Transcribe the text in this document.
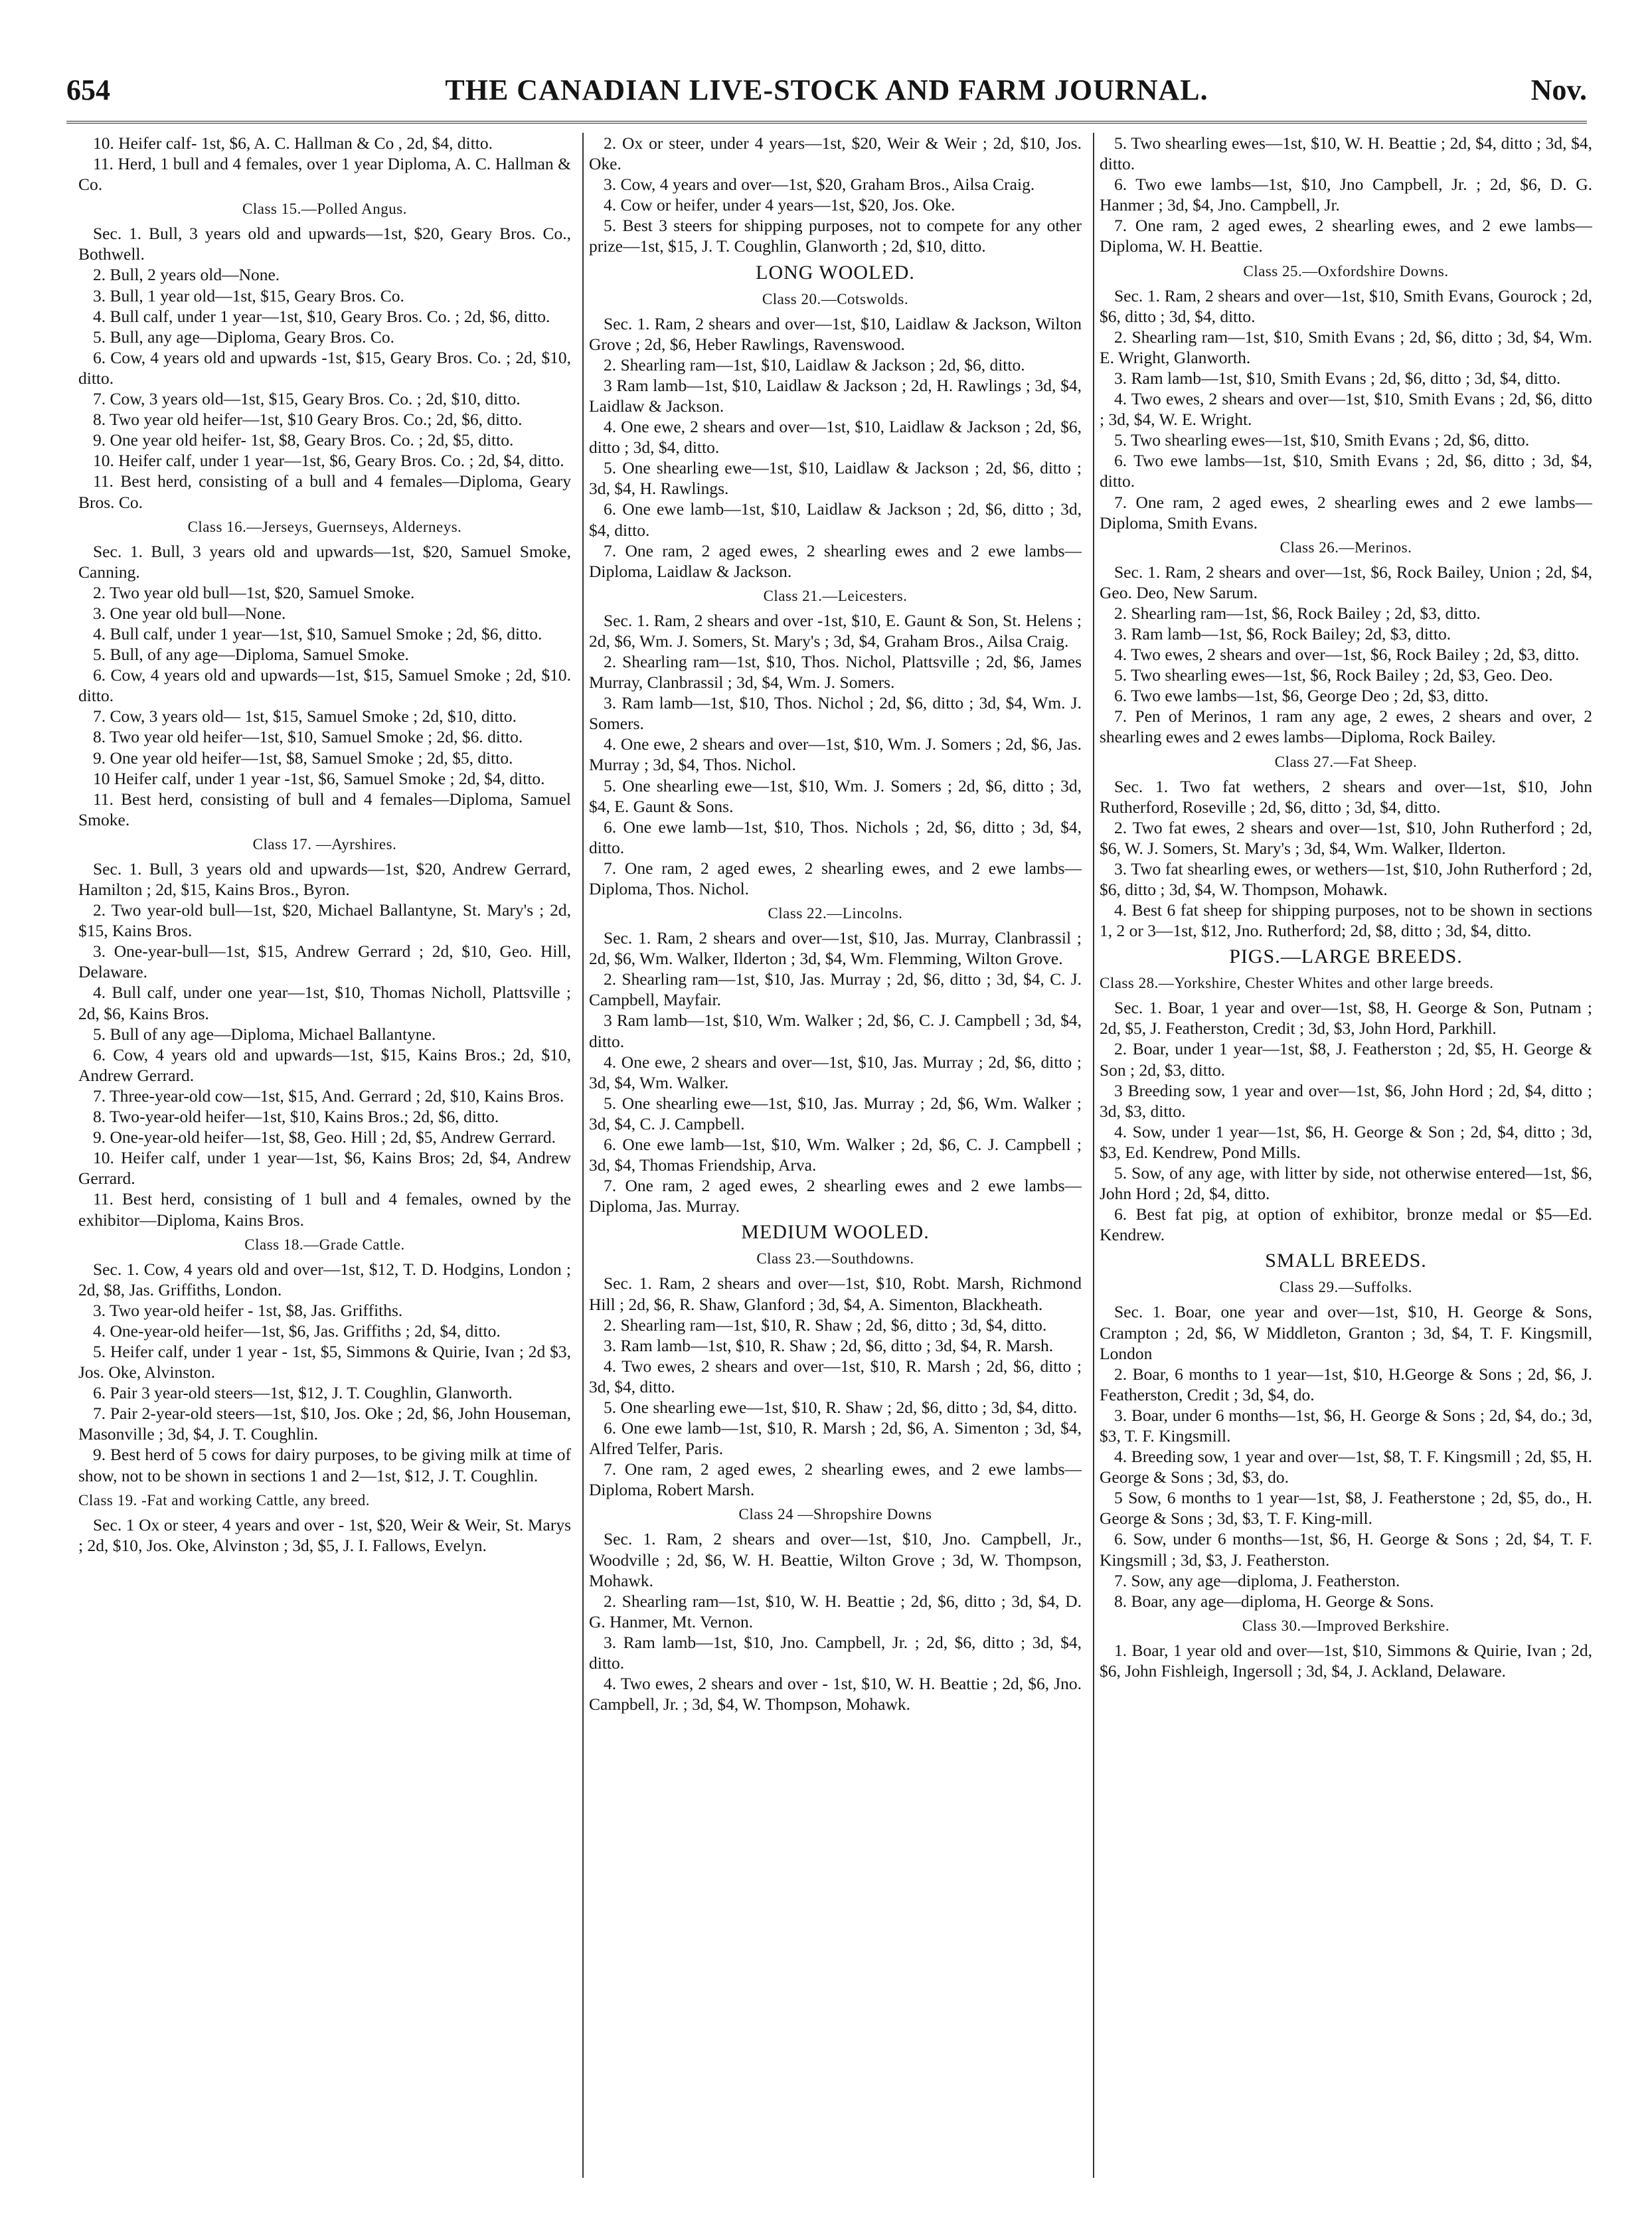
654	THE CANADIAN LIVE-STOCK AND FARM JOURNAL.	Nov.

10. Heifer calf- 1st, $6, A. C. Hallman & Co , 2d, $4, ditto.

11. Herd, 1 bull and 4 females, over 1 year Diploma, A. C. Hallman & Co.

Class 15.—Polled Angus.

Sec. 1. Bull, 3 years old and upwards—1st, $20, Geary Bros. Co., Bothwell.

2. Bull, 2 years old—None.

3. Bull, 1 year old—1st, $15, Geary Bros. Co.

4. Bull calf, under 1 year—1st, $10, Geary Bros. Co. ; 2d, $6, ditto.

5. Bull, any age—Diploma, Geary Bros. Co.

6. Cow, 4 years old and upwards -1st, $15, Geary Bros. Co. ; 2d, $10, ditto.

7. Cow, 3 years old—1st, $15, Geary Bros. Co. ; 2d, $10, ditto.

8. Two year old heifer—1st, $10 Geary Bros. Co.; 2d, $6, ditto.

9. One year old heifer- 1st, $8, Geary Bros. Co. ; 2d, $5, ditto.

10. Heifer calf, under 1 year—1st, $6, Geary Bros. Co. ; 2d, $4, ditto.

11. Best herd, consisting of a bull and 4 females—Diploma, Geary Bros. Co.

Class 16.—Jerseys, Guernseys, Alderneys.

Sec. 1. Bull, 3 years old and upwards—1st, $20, Samuel Smoke, Canning.

2. Two year old bull—1st, $20, Samuel Smoke.

3. One year old bull—None.

4. Bull calf, under 1 year—1st, $10, Samuel Smoke ; 2d, $6, ditto.

5. Bull, of any age—Diploma, Samuel Smoke.

6. Cow, 4 years old and upwards—1st, $15, Samuel Smoke ; 2d, $10. ditto.

7. Cow, 3 years old— 1st, $15, Samuel Smoke ; 2d, $10, ditto.

8. Two year old heifer—1st, $10, Samuel Smoke ; 2d, $6. ditto.

9. One year old heifer—1st, $8, Samuel Smoke ; 2d, $5, ditto.

10 Heifer calf, under 1 year -1st, $6, Samuel Smoke ; 2d, $4, ditto.

11. Best herd, consisting of bull and 4 females—Diploma, Samuel Smoke.

Class 17. —Ayrshires.

Sec. 1. Bull, 3 years old and upwards—1st, $20, Andrew Gerrard, Hamilton ; 2d, $15, Kains Bros., Byron.

2. Two year-old bull—1st, $20, Michael Ballantyne, St. Mary's ; 2d, $15, Kains Bros.

3. One-year-bull—1st, $15, Andrew Gerrard ; 2d, $10, Geo. Hill, Delaware.

4. Bull calf, under one year—1st, $10, Thomas Nicholl, Plattsville ; 2d, $6, Kains Bros.

5. Bull of any age—Diploma, Michael Ballantyne.

6. Cow, 4 years old and upwards—1st, $15, Kains Bros.; 2d, $10, Andrew Gerrard.

7. Three-year-old cow—1st, $15, And. Gerrard ; 2d, $10, Kains Bros.

8. Two-year-old heifer—1st, $10, Kains Bros.; 2d, $6, ditto.

9. One-year-old heifer—1st, $8, Geo. Hill ; 2d, $5, Andrew Gerrard.

10. Heifer calf, under 1 year—1st, $6, Kains Bros; 2d, $4, Andrew Gerrard.

11. Best herd, consisting of 1 bull and 4 females, owned by the exhibitor—Diploma, Kains Bros.

Class 18.—Grade Cattle.

Sec. 1. Cow, 4 years old and over—1st, $12, T. D. Hodgins, London ; 2d, $8, Jas. Griffiths, London.

3. Two year-old heifer - 1st, $8, Jas. Griffiths.

4. One-year-old heifer—1st, $6, Jas. Griffiths ; 2d, $4, ditto.

5. Heifer calf, under 1 year - 1st, $5, Simmons & Quirie, Ivan ; 2d $3, Jos. Oke, Alvinston.

6. Pair 3 year-old steers—1st, $12, J. T. Coughlin, Glanworth.

7. Pair 2-year-old steers—1st, $10, Jos. Oke ; 2d, $6, John Houseman, Masonville ; 3d, $4, J. T. Coughlin.

9. Best herd of 5 cows for dairy purposes, to be giving milk at time of show, not to be shown in sections 1 and 2—1st, $12, J. T. Coughlin.

Class 19. -Fat and working Cattle, any breed.

Sec. 1 Ox or steer, 4 years and over - 1st, $20, Weir & Weir, St. Marys ; 2d, $10, Jos. Oke, Alvinston ; 3d, $5, J. I. Fallows, Evelyn.

2. Ox or steer, under 4 years—1st, $20, Weir & Weir ; 2d, $10, Jos. Oke.

3. Cow, 4 years and over—1st, $20, Graham Bros., Ailsa Craig.

4. Cow or heifer, under 4 years—1st, $20, Jos. Oke.

5. Best 3 steers for shipping purposes, not to compete for any other prize—1st, $15, J. T. Coughlin, Glanworth ; 2d, $10, ditto.

LONG WOOLED.
Class 20.—Cotswolds.

Sec. 1. Ram, 2 shears and over—1st, $10, Laidlaw & Jackson, Wilton Grove ; 2d, $6, Heber Rawlings, Ravenswood.

2. Shearling ram—1st, $10, Laidlaw & Jackson ; 2d, $6, ditto.

3 Ram lamb—1st, $10, Laidlaw & Jackson ; 2d, H. Rawlings ; 3d, $4, Laidlaw & Jackson.

4. One ewe, 2 shears and over—1st, $10, Laidlaw & Jackson ; 2d, $6, ditto ; 3d, $4, ditto.

5. One shearling ewe—1st, $10, Laidlaw & Jackson ; 2d, $6, ditto ; 3d, $4, H. Rawlings.

6. One ewe lamb—1st, $10, Laidlaw & Jackson ; 2d, $6, ditto ; 3d, $4, ditto.

7. One ram, 2 aged ewes, 2 shearling ewes and 2 ewe lambs—Diploma, Laidlaw & Jackson.

Class 21.—Leicesters.

Sec. 1. Ram, 2 shears and over -1st, $10, E. Gaunt & Son, St. Helens ; 2d, $6, Wm. J. Somers, St. Mary's ; 3d, $4, Graham Bros., Ailsa Craig.

2. Shearling ram—1st, $10, Thos. Nichol, Plattsville ; 2d, $6, James Murray, Clanbrassil ; 3d, $4, Wm. J. Somers.

3. Ram lamb—1st, $10, Thos. Nichol ; 2d, $6, ditto ; 3d, $4, Wm. J. Somers.

4. One ewe, 2 shears and over—1st, $10, Wm. J. Somers ; 2d, $6, Jas. Murray ; 3d, $4, Thos. Nichol.

5. One shearling ewe—1st, $10, Wm. J. Somers ; 2d, $6, ditto ; 3d, $4, E. Gaunt & Sons.

6. One ewe lamb—1st, $10, Thos. Nichols ; 2d, $6, ditto ; 3d, $4, ditto.

7. One ram, 2 aged ewes, 2 shearling ewes, and 2 ewe lambs—Diploma, Thos. Nichol.

Class 22.—Lincolns.

Sec. 1. Ram, 2 shears and over—1st, $10, Jas. Murray, Clanbrassil ; 2d, $6, Wm. Walker, Ilderton ; 3d, $4, Wm. Flemming, Wilton Grove.

2. Shearling ram—1st, $10, Jas. Murray ; 2d, $6, ditto ; 3d, $4, C. J. Campbell, Mayfair.

3 Ram lamb—1st, $10, Wm. Walker ; 2d, $6, C. J. Campbell ; 3d, $4, ditto.

4. One ewe, 2 shears and over—1st, $10, Jas. Murray ; 2d, $6, ditto ; 3d, $4, Wm. Walker.

5. One shearling ewe—1st, $10, Jas. Murray ; 2d, $6, Wm. Walker ; 3d, $4, C. J. Campbell.

6. One ewe lamb—1st, $10, Wm. Walker ; 2d, $6, C. J. Campbell ; 3d, $4, Thomas Friendship, Arva.

7. One ram, 2 aged ewes, 2 shearling ewes and 2 ewe lambs—Diploma, Jas. Murray.

MEDIUM WOOLED.
Class 23.—Southdowns.

Sec. 1. Ram, 2 shears and over—1st, $10, Robt. Marsh, Richmond Hill ; 2d, $6, R. Shaw, Glanford ; 3d, $4, A. Simenton, Blackheath.

2. Shearling ram—1st, $10, R. Shaw ; 2d, $6, ditto ; 3d, $4, ditto.

3. Ram lamb—1st, $10, R. Shaw ; 2d, $6, ditto ; 3d, $4, R. Marsh.

4. Two ewes, 2 shears and over—1st, $10, R. Marsh ; 2d, $6, ditto ; 3d, $4, ditto.

5. One shearling ewe—1st, $10, R. Shaw ; 2d, $6, ditto ; 3d, $4, ditto.

6. One ewe lamb—1st, $10, R. Marsh ; 2d, $6, A. Simenton ; 3d, $4, Alfred Telfer, Paris.

7. One ram, 2 aged ewes, 2 shearling ewes, and 2 ewe lambs—Diploma, Robert Marsh.

Class 24 —Shropshire Downs

Sec. 1. Ram, 2 shears and over—1st, $10, Jno. Campbell, Jr., Woodville ; 2d, $6, W. H. Beattie, Wilton Grove ; 3d, W. Thompson, Mohawk.

2. Shearling ram—1st, $10, W. H. Beattie ; 2d, $6, ditto ; 3d, $4, D. G. Hanmer, Mt. Vernon.

3. Ram lamb—1st, $10, Jno. Campbell, Jr. ; 2d, $6, ditto ; 3d, $4, ditto.

4. Two ewes, 2 shears and over - 1st, $10, W. H. Beattie ; 2d, $6, Jno. Campbell, Jr. ; 3d, $4, W. Thompson, Mohawk.

5. Two shearling ewes—1st, $10, W. H. Beattie ; 2d, $4, ditto ; 3d, $4, ditto.

6. Two ewe lambs—1st, $10, Jno Campbell, Jr. ; 2d, $6, D. G. Hanmer ; 3d, $4, Jno. Campbell, Jr.

7. One ram, 2 aged ewes, 2 shearling ewes, and 2 ewe lambs—Diploma, W. H. Beattie.

Class 25.—Oxfordshire Downs.

Sec. 1. Ram, 2 shears and over—1st, $10, Smith Evans, Gourock ; 2d, $6, ditto ; 3d, $4, ditto.

2. Shearling ram—1st, $10, Smith Evans ; 2d, $6, ditto ; 3d, $4, Wm. E. Wright, Glanworth.

3. Ram lamb—1st, $10, Smith Evans ; 2d, $6, ditto ; 3d, $4, ditto.

4. Two ewes, 2 shears and over—1st, $10, Smith Evans ; 2d, $6, ditto ; 3d, $4, W. E. Wright.

5. Two shearling ewes—1st, $10, Smith Evans ; 2d, $6, ditto.

6. Two ewe lambs—1st, $10, Smith Evans ; 2d, $6, ditto ; 3d, $4, ditto.

7. One ram, 2 aged ewes, 2 shearling ewes and 2 ewe lambs—Diploma, Smith Evans.

Class 26.—Merinos.

Sec. 1. Ram, 2 shears and over—1st, $6, Rock Bailey, Union ; 2d, $4, Geo. Deo, New Sarum.

2. Shearling ram—1st, $6, Rock Bailey ; 2d, $3, ditto.

3. Ram lamb—1st, $6, Rock Bailey; 2d, $3, ditto.

4. Two ewes, 2 shears and over—1st, $6, Rock Bailey ; 2d, $3, ditto.

5. Two shearling ewes—1st, $6, Rock Bailey ; 2d, $3, Geo. Deo.

6. Two ewe lambs—1st, $6, George Deo ; 2d, $3, ditto.

7. Pen of Merinos, 1 ram any age, 2 ewes, 2 shears and over, 2 shearling ewes and 2 ewes lambs—Diploma, Rock Bailey.

Class 27.—Fat Sheep.

Sec. 1. Two fat wethers, 2 shears and over—1st, $10, John Rutherford, Roseville ; 2d, $6, ditto ; 3d, $4, ditto.

2. Two fat ewes, 2 shears and over—1st, $10, John Rutherford ; 2d, $6, W. J. Somers, St. Mary's ; 3d, $4, Wm. Walker, Ilderton.

3. Two fat shearling ewes, or wethers—1st, $10, John Rutherford ; 2d, $6, ditto ; 3d, $4, W. Thompson, Mohawk.

4. Best 6 fat sheep for shipping purposes, not to be shown in sections 1, 2 or 3—1st, $12, Jno. Rutherford; 2d, $8, ditto ; 3d, $4, ditto.

PIGS.—LARGE BREEDS.
Class 28.—Yorkshire, Chester Whites and other large breeds.

Sec. 1. Boar, 1 year and over—1st, $8, H. George & Son, Putnam ; 2d, $5, J. Featherston, Credit ; 3d, $3, John Hord, Parkhill.

2. Boar, under 1 year—1st, $8, J. Featherston ; 2d, $5, H. George & Son ; 2d, $3, ditto.

3 Breeding sow, 1 year and over—1st, $6, John Hord ; 2d, $4, ditto ; 3d, $3, ditto.

4. Sow, under 1 year—1st, $6, H. George & Son ; 2d, $4, ditto ; 3d, $3, Ed. Kendrew, Pond Mills.

5. Sow, of any age, with litter by side, not otherwise entered—1st, $6, John Hord ; 2d, $4, ditto.

6. Best fat pig, at option of exhibitor, bronze medal or $5—Ed. Kendrew.

SMALL BREEDS.
Class 29.—Suffolks.

Sec. 1. Boar, one year and over—1st, $10, H. George & Sons, Crampton ; 2d, $6, W Middleton, Granton ; 3d, $4, T. F. Kingsmill, London

2. Boar, 6 months to 1 year—1st, $10, H.George & Sons ; 2d, $6, J. Featherston, Credit ; 3d, $4, do.

3. Boar, under 6 months—1st, $6, H. George & Sons ; 2d, $4, do.; 3d, $3, T. F. Kingsmill.

4. Breeding sow, 1 year and over—1st, $8, T. F. Kingsmill ; 2d, $5, H. George & Sons ; 3d, $3, do.

5 Sow, 6 months to 1 year—1st, $8, J. Featherstone ; 2d, $5, do., H. George & Sons ; 3d, $3, T. F. King-mill.

6. Sow, under 6 months—1st, $6, H. George & Sons ; 2d, $4, T. F. Kingsmill ; 3d, $3, J. Featherston.

7. Sow, any age—diploma, J. Featherston.

8. Boar, any age—diploma, H. George & Sons.

Class 30.—Improved Berkshire.

1. Boar, 1 year old and over—1st, $10, Simmons & Quirie, Ivan ; 2d, $6, John Fishleigh, Ingersoll ; 3d, $4, J. Ackland, Delaware.
